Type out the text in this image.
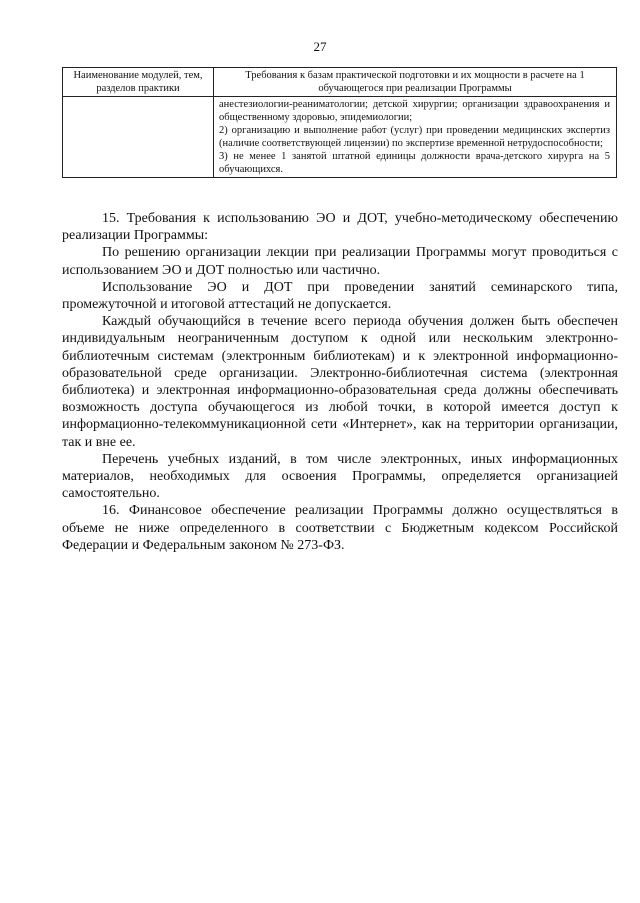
27
Наименование модулей, тем, разделов практики	Требования к базам практической подготовки и их мощности в расчете на 1 обучающегося при реализации Программы

	анестезиологии-реаниматологии; детской хирургии; организации здравоохранения и общественному здоровью, эпидемиологии;

2) организацию и выполнение работ (услуг) при проведении медицинских экспертиз (наличие соответствующей лицензии) по экспертизе временной нетрудоспособности;

3) не менее 1 занятой штатной единицы должности врача-детского хирурга на 5 обучающихся.

15. Требования к использованию ЭО и ДОТ, учебно-методическому обеспечению реализации Программы:

По решению организации лекции при реализации Программы могут проводиться с использованием ЭО и ДОТ полностью или частично.

Использование ЭО и ДОТ при проведении занятий семинарского типа, промежуточной и итоговой аттестаций не допускается.

Каждый обучающийся в течение всего периода обучения должен быть обеспечен индивидуальным неограниченным доступом к одной или нескольким электронно-библиотечным системам (электронным библиотекам) и к электронной информационно-образовательной среде организации. Электронно-библиотечная система (электронная библиотека) и электронная информационно-образовательная среда должны обеспечивать возможность доступа обучающегося из любой точки, в которой имеется доступ к информационно-телекоммуникационной сети «Интернет», как на территории организации, так и вне ее.

Перечень учебных изданий, в том числе электронных, иных информационных материалов, необходимых для освоения Программы, определяется организацией самостоятельно.

16. Финансовое обеспечение реализации Программы должно осуществляться в объеме не ниже определенного в соответствии с Бюджетным кодексом Российской Федерации и Федеральным законом № 273-ФЗ.
